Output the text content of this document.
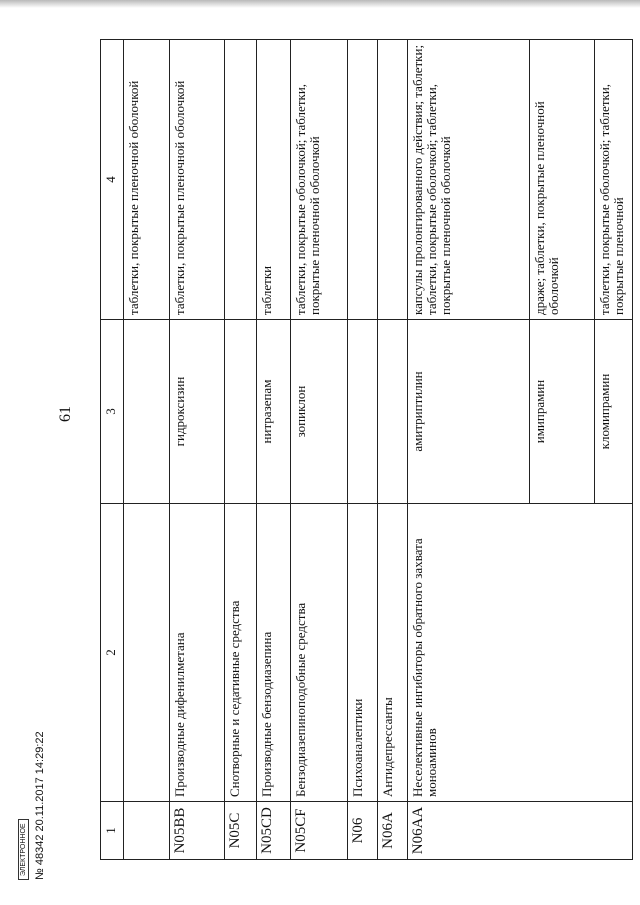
61
1	2	3	4
			таблетки, покрытые пленочной оболочкой
N05BB	Производные дифенилметана	гидроксизин	таблетки, покрытые пленочной оболочкой
N05C	Снотворные и седативные средства		
N05CD	Производные бензодиазепина	нитразепам	таблетки
N05CF	Бензодиазепиноподобные средства	зопиклон	таблетки, покрытые оболочкой; таблетки, покрытые пленочной оболочкой
N06	Психоаналептики		
N06A	Антидепрессанты		
N06AA	Неселективные ингибиторы обратного захвата моноаминов	амитриптилин	капсулы пролонгированного действия; таблетки; таблетки, покрытые оболочкой; таблетки, покрытые пленочной оболочкой
		имипрамин	драже; таблетки, покрытые пленочной оболочкой
		кломипрамин	таблетки, покрытые оболочкой; таблетки, покрытые пленочной
ЭЛЕКТРОННОЕ № 48342 20.11.2017 14:29:22
